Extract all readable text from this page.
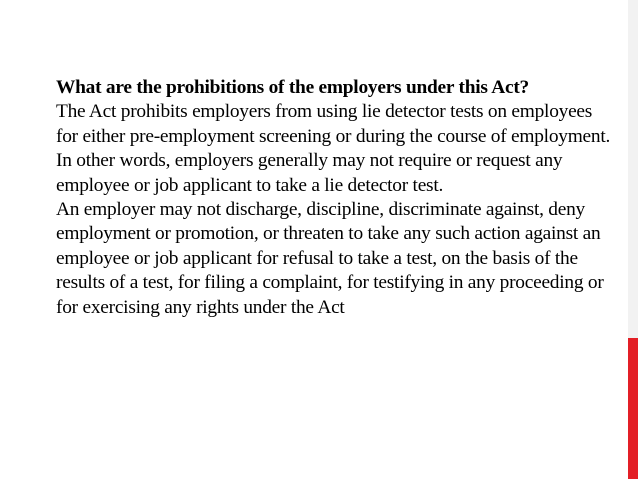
What are the prohibitions of the employers under this Act?

The Act prohibits employers from using lie detector tests on employees for either pre-employment screening or during the course of employment. In other words, employers generally may not require or request any employee or job applicant to take a lie detector test.

An employer may not discharge, discipline, discriminate against, deny employment or promotion, or threaten to take any such action against an employee or job applicant for refusal to take a test, on the basis of the results of a test, for filing a complaint, for testifying in any proceeding or for exercising any rights under the Act
